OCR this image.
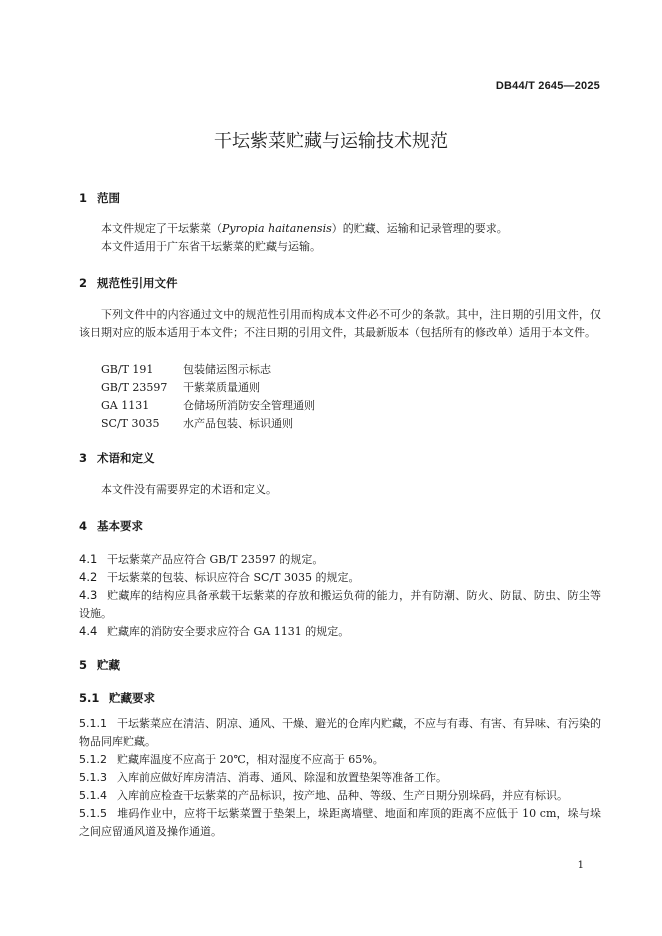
DB44/T 2645—2025
干坛紫菜贮藏与运输技术规范
1 范围
本文件规定了干坛紫菜（Pyropia haitanensis）的贮藏、运输和记录管理的要求。
本文件适用于广东省干坛紫菜的贮藏与运输。
2 规范性引用文件
下列文件中的内容通过文中的规范性引用而构成本文件必不可少的条款。其中，注日期的引用文件，仅该日期对应的版本适用于本文件；不注日期的引用文件，其最新版本（包括所有的修改单）适用于本文件。
GB/T 191	包装储运图示标志
GB/T 23597 干紫菜质量通则
GA 1131	仓储场所消防安全管理通则
SC/T 3035 水产品包装、标识通则
3 术语和定义
本文件没有需要界定的术语和定义。
4 基本要求
4.1 干坛紫菜产品应符合 GB/T 23597 的规定。
4.2 干坛紫菜的包装、标识应符合 SC/T 3035 的规定。
4.3 贮藏库的结构应具备承载干坛紫菜的存放和搬运负荷的能力，并有防潮、防火、防鼠、防虫、防尘等设施。
4.4 贮藏库的消防安全要求应符合 GA 1131 的规定。
5 贮藏
5.1 贮藏要求
5.1.1 干坛紫菜应在清洁、阴凉、通风、干燥、避光的仓库内贮藏，不应与有毒、有害、有异味、有污染的物品同库贮藏。
5.1.2 贮藏库温度不应高于 20℃，相对湿度不应高于 65%。
5.1.3 入库前应做好库房清洁、消毒、通风、除湿和放置垫架等准备工作。
5.1.4 入库前应检查干坛紫菜的产品标识，按产地、品种、等级、生产日期分别垛码，并应有标识。
5.1.5 堆码作业中，应将干坛紫菜置于垫架上，垛距离墙壁、地面和库顶的距离不应低于 10 cm，垛与垛之间应留通风道及操作通道。
1
